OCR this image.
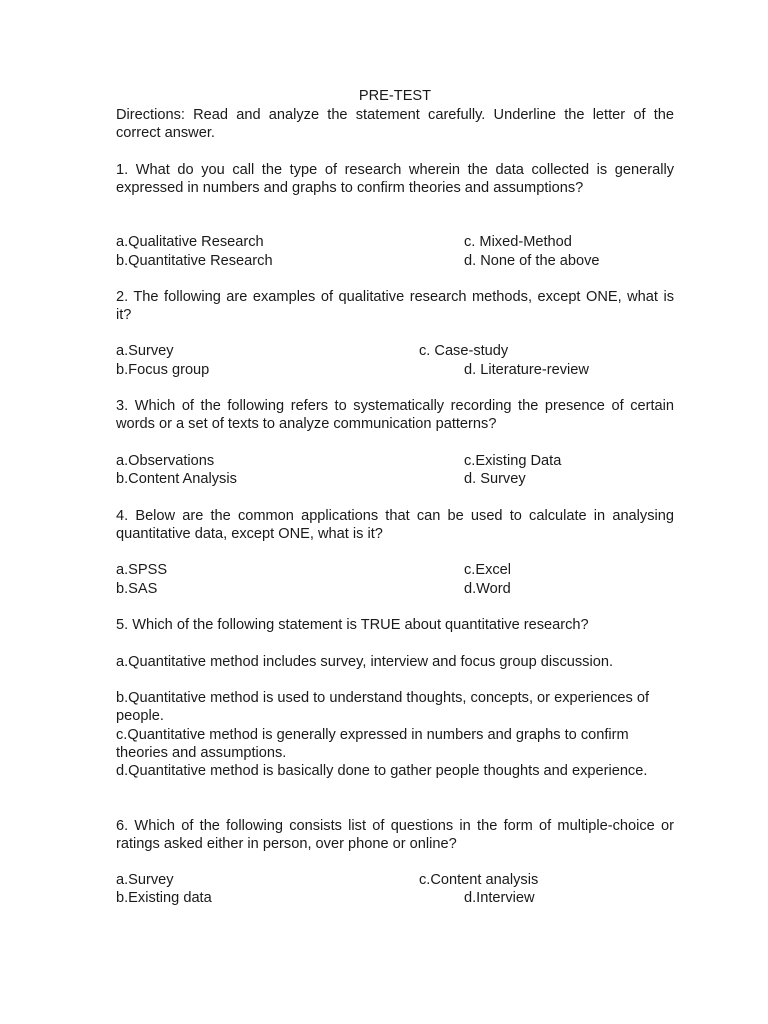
PRE-TEST
Directions: Read and analyze the statement carefully. Underline the letter of the correct answer.
1. What do you call the type of research wherein the data collected is generally expressed in numbers and graphs to confirm theories and assumptions?
a.Qualitative Research	c. Mixed-Method
b.Quantitative Research	d. None of the above
2. The following are examples of qualitative research methods, except ONE, what is it?
a.Survey	c. Case-study
b.Focus group	d. Literature-review
3. Which of the following refers to systematically recording the presence of certain words or a set of texts to analyze communication patterns?
a.Observations	c.Existing Data
b.Content Analysis	d. Survey
4. Below are the common applications that can be used to calculate in analysing quantitative data, except ONE, what is it?
a.SPSS	c.Excel
b.SAS	d.Word
5. Which of the following statement is TRUE about quantitative research?
a.Quantitative method includes survey, interview and focus group discussion.
b.Quantitative method is used to understand thoughts, concepts, or experiences of people.
c.Quantitative method is generally expressed in numbers and graphs to confirm theories and assumptions.
d.Quantitative method is basically done to gather people thoughts and experience.
6. Which of the following consists list of questions in the form of multiple-choice or ratings asked either in person, over phone or online?
a.Survey	c.Content analysis
b.Existing data	d.Interview
